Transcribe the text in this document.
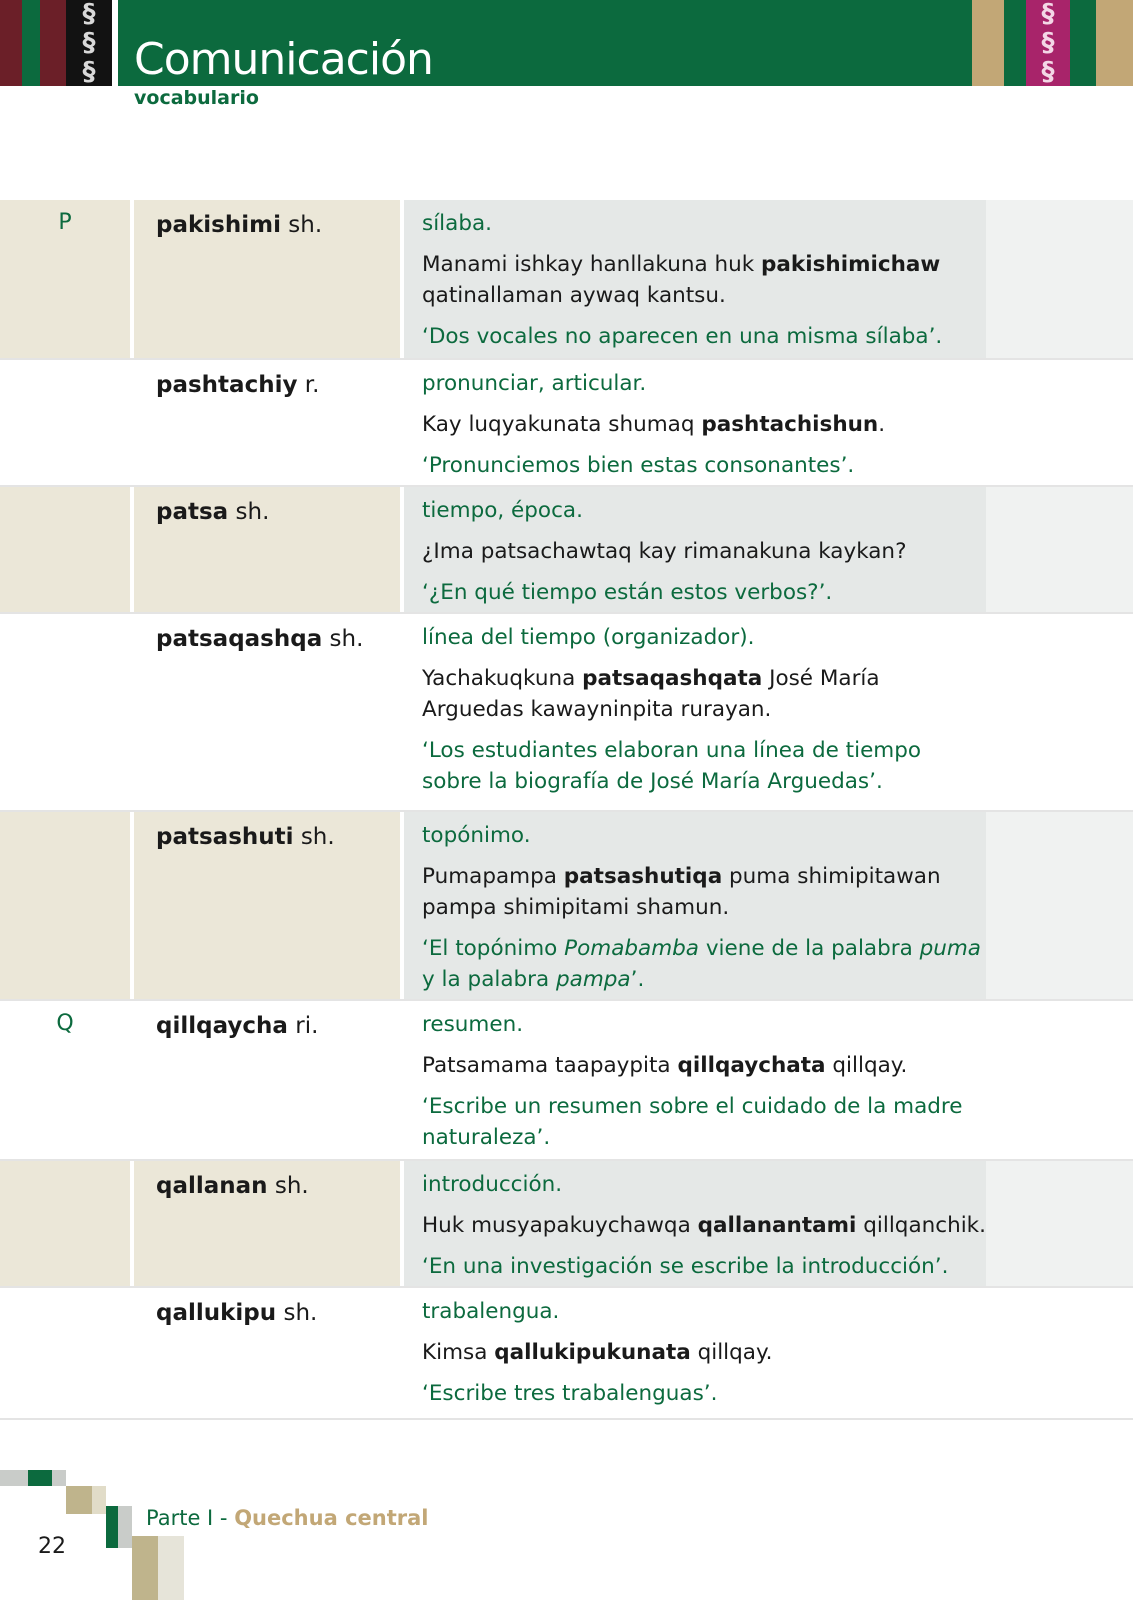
§
§
§
§
§
§
Comunicación
vocabulario
P	pakishimi sh.	sílaba.
Manami ishkay hanllakuna huk pakishimichaw qatinallaman aywaq kantsu.
‘Dos vocales no aparecen en una misma sílaba’.
pashtachiy r.	pronunciar, articular.
Kay luqyakunata shumaq pashtachishun.
‘Pronunciemos bien estas consonantes’.
patsa sh.	tiempo, época.
¿Ima patsachawtaq kay rimanakuna kaykan?
‘¿En qué tiempo están estos verbos?’.
patsaqashqa sh.	línea del tiempo (organizador).
Yachakuqkuna patsaqashqata José María Arguedas kawayninpita rurayan.
‘Los estudiantes elaboran una línea de tiempo sobre la biografía de José María Arguedas’.
patsashuti sh.	topónimo.
Pumapampa patsashutiqa puma shimipitawan pampa shimipitami shamun.
‘El topónimo Pomabamba viene de la palabra puma y la palabra pampa’.
Q	qillqaycha ri.	resumen.
Patsamama taapaypita qillqaychata qillqay.
‘Escribe un resumen sobre el cuidado de la madre naturaleza’.
qallanan sh.	introducción.
Huk musyapakuychawqa qallanantami qillqanchik.
‘En una investigación se escribe la introducción’.
qallukipu sh.	trabalengua.
Kimsa qallukipukunata qillqay.
‘Escribe tres trabalenguas’.
22
Parte I - Quechua central
